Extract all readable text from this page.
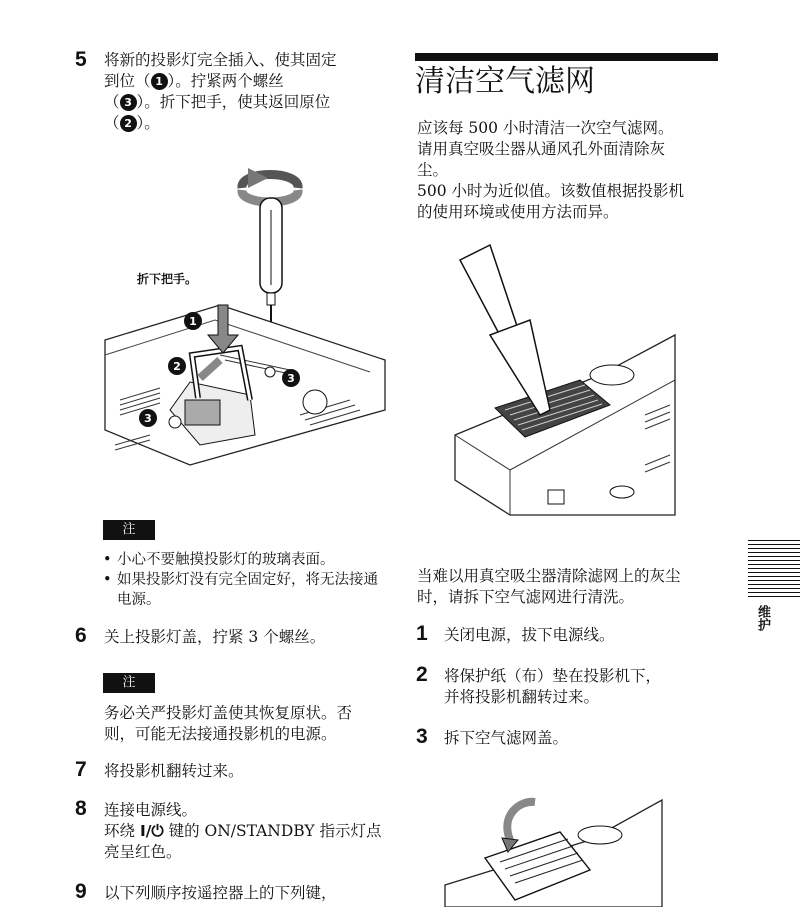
5 将新的投影灯完全插入、使其固定
到位（ 1 ）。拧紧两个螺丝
（ 3 ）。折下把手，使其返回原位
（ 2 ）。
1
2
3
3
折下把手。
注
• 小心不要触摸投影灯的玻璃表面。
• 如果投影灯没有完全固定好，将无法接通电源。
6 关上投影灯盖，拧紧 3 个螺丝。
注
务必关严投影灯盖使其恢复原状。否
则，可能无法接通投影机的电源。
7 将投影机翻转过来。
8 连接电源线。
环绕 I/⏻ 键的 ON/STANDBY 指示灯点
亮呈红色。
9 以下列顺序按遥控器上的下列键，
清洁空气滤网
应该每 500 小时清洁一次空气滤网。
请用真空吸尘器从通风孔外面清除灰
尘。
500 小时为近似值。该数值根据投影机
的使用环境或使用方法而异。
当难以用真空吸尘器清除滤网上的灰尘
时，请拆下空气滤网进行清洗。
1 关闭电源，拔下电源线。
2 将保护纸（布）垫在投影机下，
并将投影机翻转过来。
3 拆下空气滤网盖。
维护
